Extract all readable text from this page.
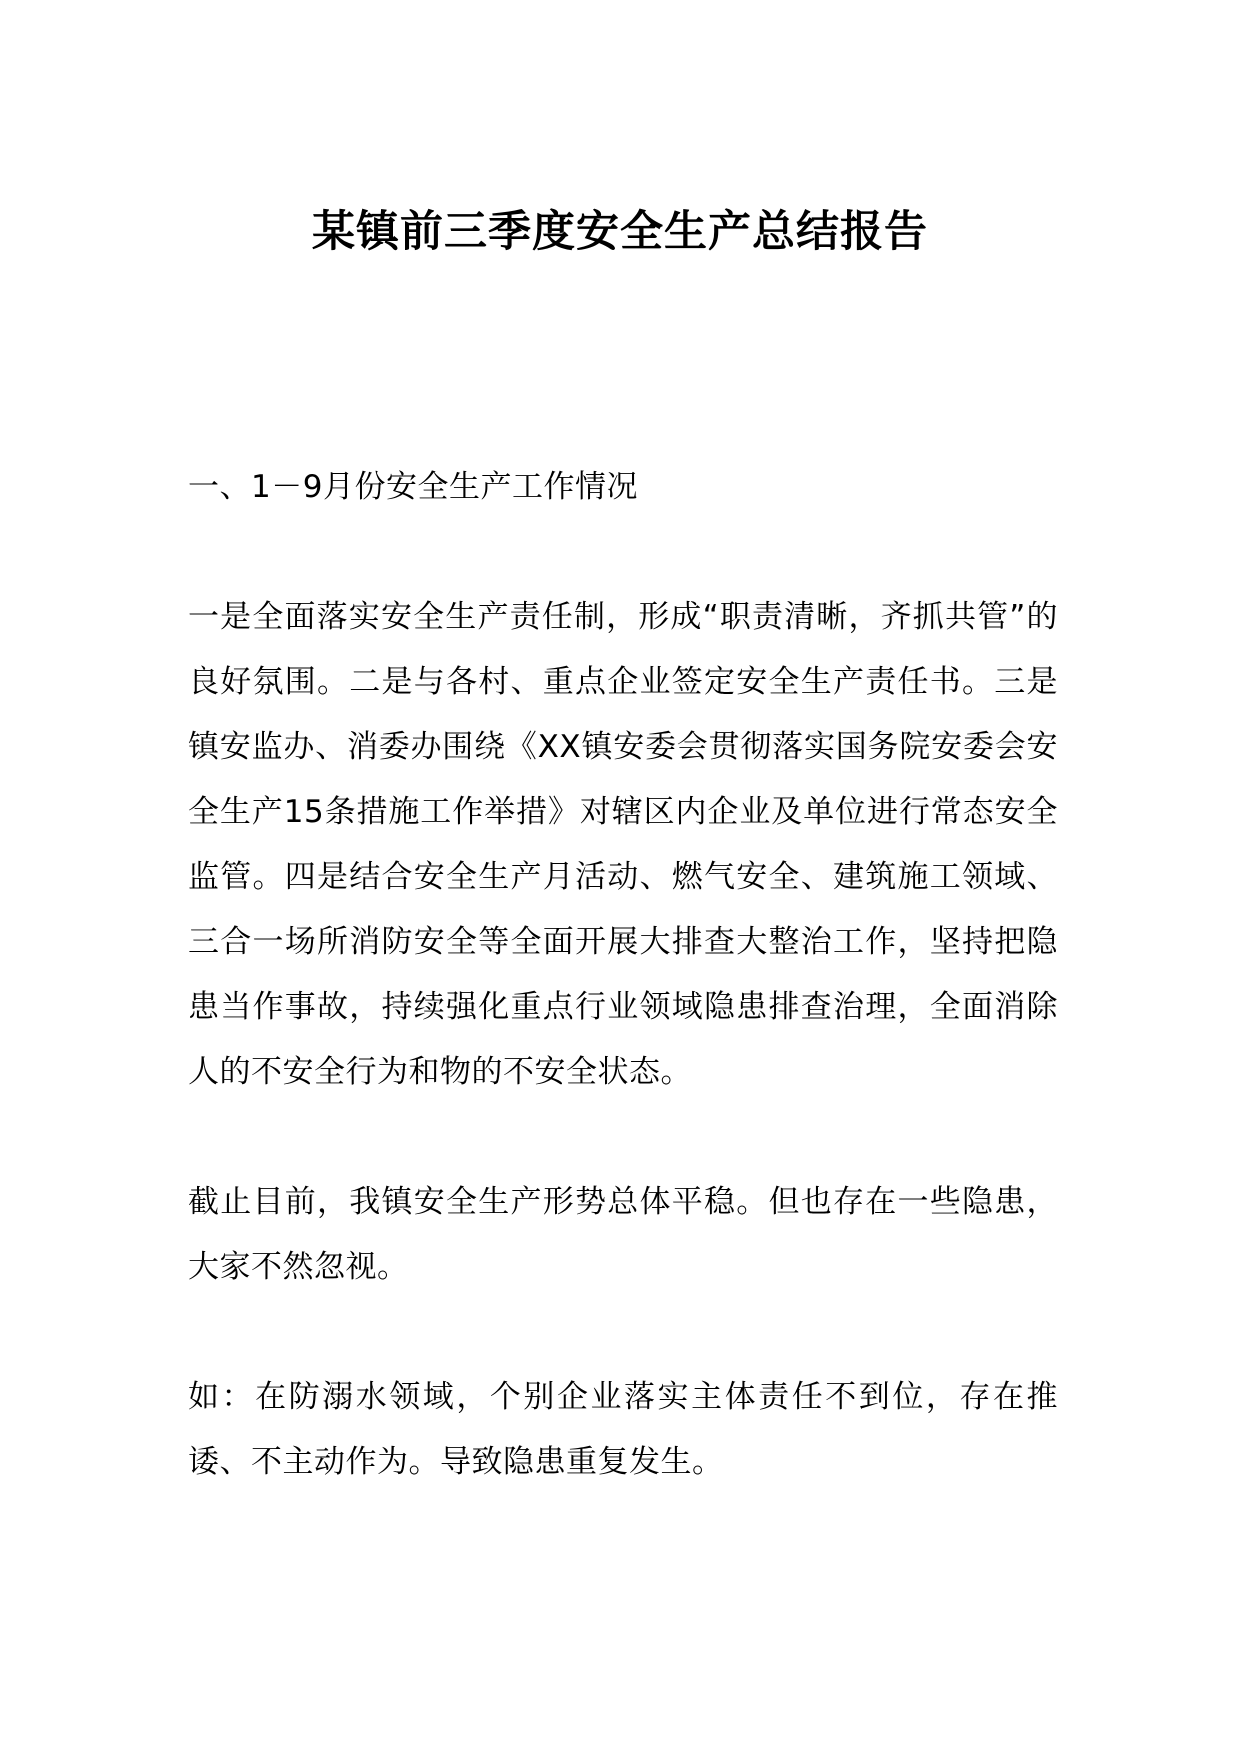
某镇前三季度安全生产总结报告

一、1－9月份安全生产工作情况

一是全面落实安全生产责任制，形成“职责清晰，齐抓共管”的良好氛围。二是与各村、重点企业签定安全生产责任书。三是镇安监办、消委办围绕《XX镇安委会贯彻落实国务院安委会安全生产15条措施工作举措》对辖区内企业及单位进行常态安全监管。四是结合安全生产月活动、燃气安全、建筑施工领域、三合一场所消防安全等全面开展大排查大整治工作，坚持把隐患当作事故，持续强化重点行业领域隐患排查治理，全面消除人的不安全行为和物的不安全状态。

截止目前，我镇安全生产形势总体平稳。但也存在一些隐患，大家不然忽视。

如：在防溺水领域，个别企业落实主体责任不到位，存在推诿、不主动作为。导致隐患重复发生。
